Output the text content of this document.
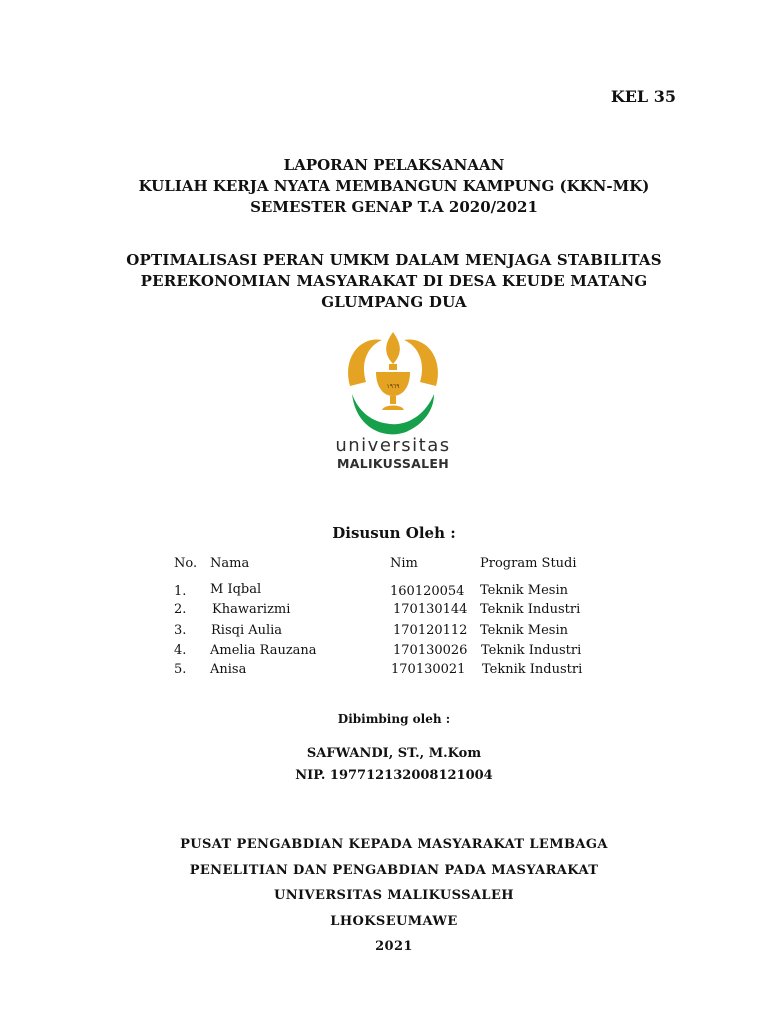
KEL 35

LAPORAN PELAKSANAAN
KULIAH KERJA NYATA MEMBANGUN KAMPUNG (KKN-MK)
SEMESTER GENAP T.A 2020/2021
OPTIMALISASI PERAN UMKM DALAM MENJAGA STABILITAS
PEREKONOMIAN MASYARAKAT DI DESA KEUDE MATANG
GLUMPANG DUA
١٩٦٩
universitas
MALIKUSSALEH

Disusun Oleh :

No. Nama	Nim	Program Studi
1. M Iqbal	160120054 Teknik Mesin
2. Khawarizmi	170130144 Teknik Industri
3. Risqi Aulia	170120112 Teknik Mesin
4. Amelia Rauzana	170130026 Teknik Industri
5. Anisa	170130021 Teknik Industri

Dibimbing oleh :

SAFWANDI, ST., M.Kom
NIP. 197712132008121004
PUSAT PENGABDIAN KEPADA MASYARAKAT LEMBAGA
PENELITIAN DAN PENGABDIAN PADA MASYARAKAT
UNIVERSITAS MALIKUSSALEH
LHOKSEUMAWE
2021
